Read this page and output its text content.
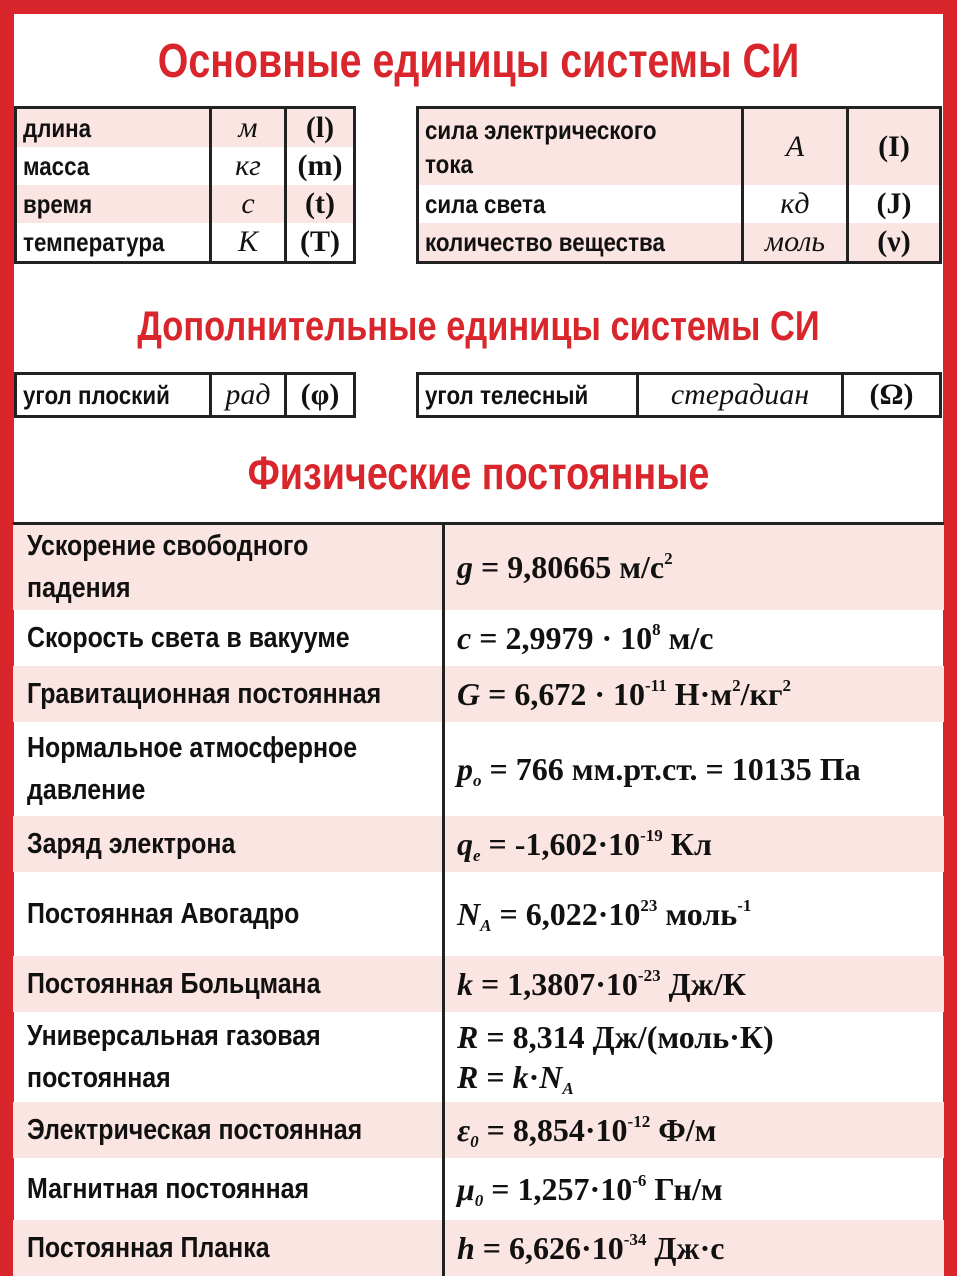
Основные единицы системы СИ
длина	м	(l)
масса	кг	(m)
время	с	(t)
температура	К	(T)
сила электрического
тока	А	(I)
сила света	кд	(J)
количество вещества	моль	(ν)
Дополнительные единицы системы СИ
угол плоский	рад	(φ)	угол телесный	стерадиан	(Ω)
Физические постоянные
Ускорение свободного
падения	g = 9,80665 $м/с^2$
Скорость света в вакууме	$c = 2,9979 \cdot 10^8$ м/с
Гравитационная постоянная	$G = 6,672 \cdot 10^{-11}$ $Н\cdot м^2/кг^2$
Нормальное атмосферное
давление	$p_o = 766$ мм.рт.ст. = 10135 Па
Заряд электрона	$q_e = -1,602\cdot 10^{-19}$ Кл
Постоянная Авогадро	$N_A = 6,022\cdot 10^{23}$ моль$^{-1}$
Постоянная Больцмана	$k = 1,3807\cdot 10^{-23}$ Дж/К
Универсальная газовая
постоянная	R = 8,314 Дж/(моль·К)
$R = k\cdot N_A$
Электрическая постоянная	$\varepsilon_0 = 8,854\cdot 10^{-12}$ Ф/м
Магнитная постоянная	$\mu_0 = 1,257\cdot 10^{-6}$ Гн/м
Постоянная Планка	$h = 6,626\cdot 10^{-34}$ Дж·с
